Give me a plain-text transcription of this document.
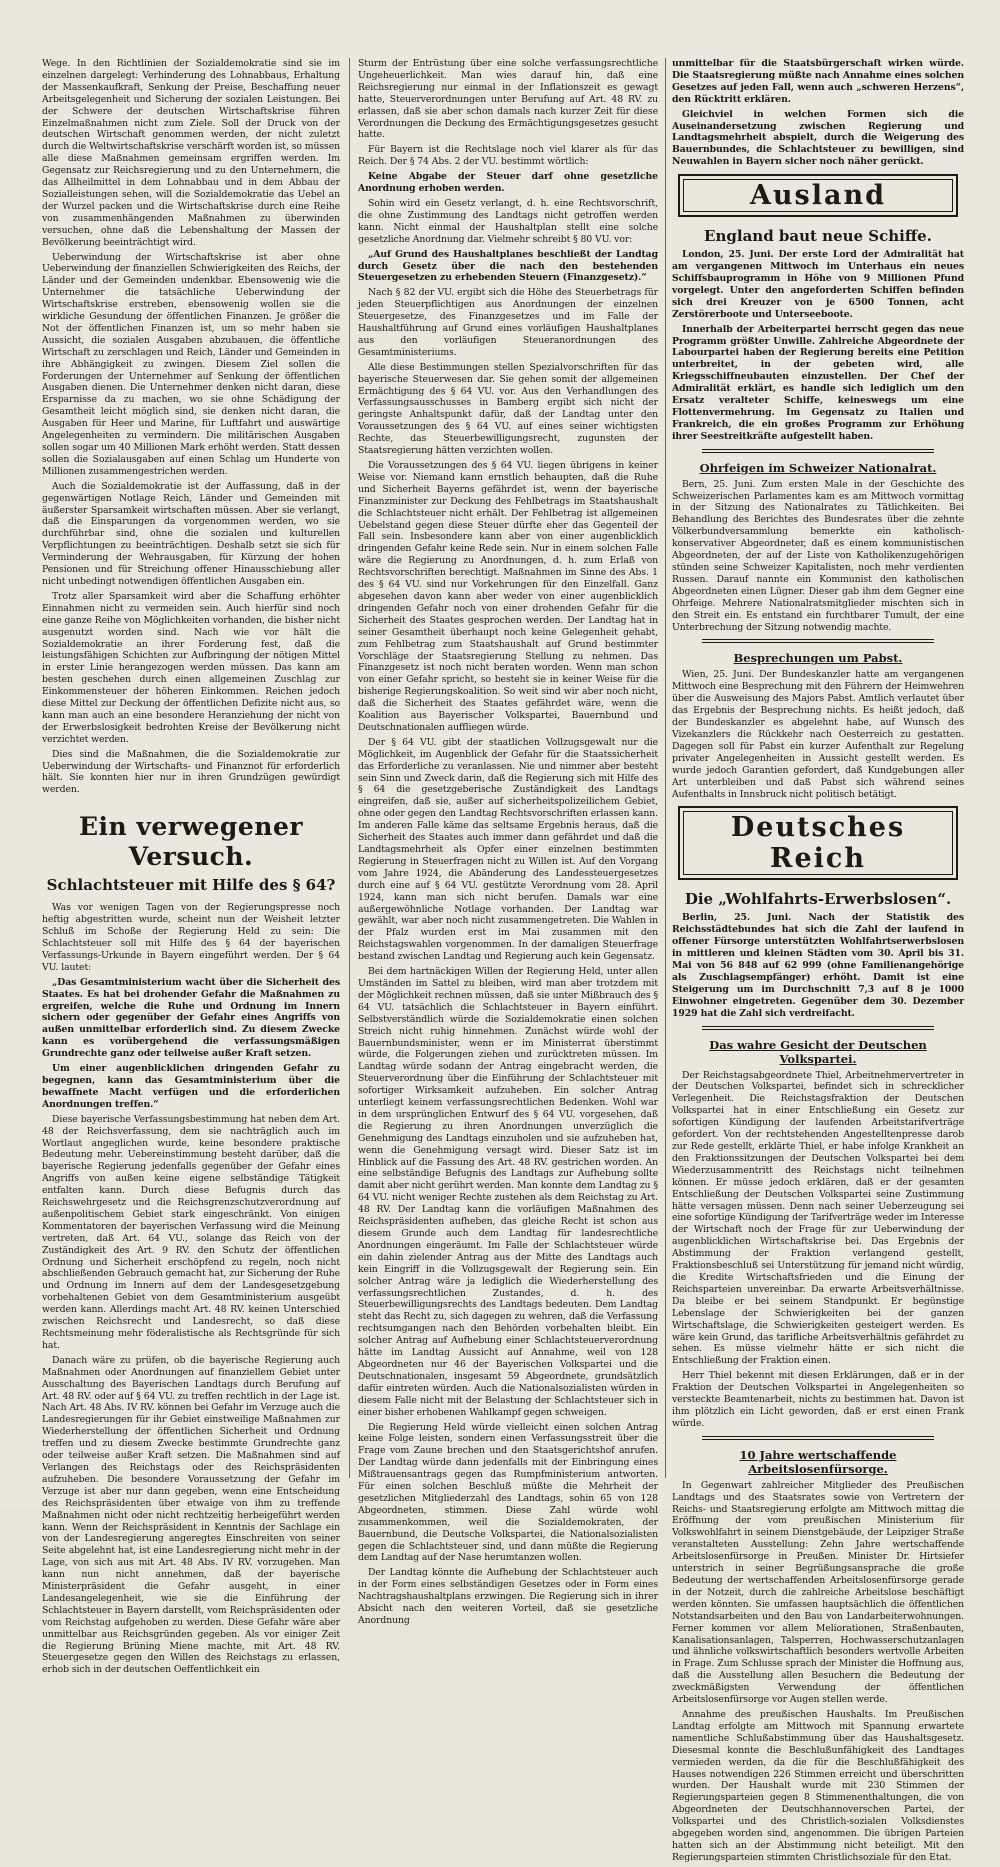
Wege. In den Richtlinien der Sozialdemokratie sind sie im einzelnen dargelegt: Verhinderung des Lohnabbaus, Erhaltung der Massenkaufkraft, Senkung der Preise, Beschaffung neuer Arbeitsgelegenheit und Sicherung der sozialen Leistungen. Bei der Schwere der deutschen Wirtschaftskrise führen Einzelmaßnahmen nicht zum Ziele. Soll der Druck von der deutschen Wirtschaft genommen werden, der nicht zuletzt durch die Weltwirtschaftskrise verschärft worden ist, so müssen alle diese Maßnahmen gemeinsam ergriffen werden. Im Gegensatz zur Reichsregierung und zu den Unternehmern, die das Allheilmittel in dem Lohnabbau und in dem Abbau der Sozialleistungen sehen, will die Sozialdemokratie das Uebel an der Wurzel packen und die Wirtschaftskrise durch eine Reihe von zusammenhängenden Maßnahmen zu überwinden versuchen, ohne daß die Lebenshaltung der Massen der Bevölkerung beeinträchtigt wird.

Ueberwindung der Wirtschaftskrise ist aber ohne Ueberwindung der finanziellen Schwierigkeiten des Reichs, der Länder und der Gemeinden undenkbar. Ebensowenig wie die Unternehmer die tatsächliche Ueberwindung der Wirtschaftskrise erstreben, ebensowenig wollen sie die wirkliche Gesundung der öffentlichen Finanzen. Je größer die Not der öffentlichen Finanzen ist, um so mehr haben sie Aussicht, die sozialen Ausgaben abzubauen, die öffentliche Wirtschaft zu zerschlagen und Reich, Länder und Gemeinden in ihre Abhängigkeit zu zwingen. Diesem Ziel sollen die Forderungen der Unternehmer auf Senkung der öffentlichen Ausgaben dienen. Die Unternehmer denken nicht daran, diese Ersparnisse da zu machen, wo sie ohne Schädigung der Gesamtheit leicht möglich sind, sie denken nicht daran, die Ausgaben für Heer und Marine, für Luftfahrt und auswärtige Angelegenheiten zu vermindern. Die militärischen Ausgaben sollen sogar um 40 Millionen Mark erhöht werden. Statt dessen sollen die Sozialausgaben auf einen Schlag um Hunderte von Millionen zusammengestrichen werden.

Auch die Sozialdemokratie ist der Auffassung, daß in der gegenwärtigen Notlage Reich, Länder und Gemeinden mit äußerster Sparsamkeit wirtschaften müssen. Aber sie verlangt, daß die Einsparungen da vorgenommen werden, wo sie durchführbar sind, ohne die sozialen und kulturellen Verpflichtungen zu beeinträchtigen. Deshalb setzt sie sich für Verminderung der Wehrausgaben, für Kürzung der hohen Pensionen und für Streichung offener Hinausschiebung aller nicht unbedingt notwendigen öffentlichen Ausgaben ein.

Trotz aller Sparsamkeit wird aber die Schaffung erhöhter Einnahmen nicht zu vermeiden sein. Auch hierfür sind noch eine ganze Reihe von Möglichkeiten vorhanden, die bisher nicht ausgenutzt worden sind. Nach wie vor hält die Sozialdemokratie an ihrer Forderung fest, daß die leistungsfähigen Schichten zur Aufbringung der nötigen Mittel in erster Linie herangezogen werden müssen. Das kann am besten geschehen durch einen allgemeinen Zuschlag zur Einkommensteuer der höheren Einkommen. Reichen jedoch diese Mittel zur Deckung der öffentlichen Defizite nicht aus, so kann man auch an eine besondere Heranziehung der nicht von der Erwerbslosigkeit bedrohten Kreise der Bevölkerung nicht verzichtet werden.

Dies sind die Maßnahmen, die die Sozialdemokratie zur Ueberwindung der Wirtschafts- und Finanznot für erforderlich hält. Sie konnten hier nur in ihren Grundzügen gewürdigt werden.

Ein verwegener Versuch.
Schlachtsteuer mit Hilfe des § 64?

Was vor wenigen Tagen von der Regierungspresse noch heftig abgestritten wurde, scheint nun der Weisheit letzter Schluß im Schoße der Regierung Held zu sein: Die Schlachtsteuer soll mit Hilfe des § 64 der bayerischen Verfassungs-Urkunde in Bayern eingeführt werden. Der § 64 VU. lautet:

„Das Gesamtministerium wacht über die Sicherheit des Staates. Es hat bei drohender Gefahr die Maßnahmen zu ergreifen, welche die Ruhe und Ordnung im Innern sichern oder gegenüber der Gefahr eines Angriffs von außen unmittelbar erforderlich sind. Zu diesem Zwecke kann es vorübergehend die verfassungsmäßigen Grundrechte ganz oder teilweise außer Kraft setzen.

Um einer augenblicklichen dringenden Gefahr zu begegnen, kann das Gesamtministerium über die bewaffnete Macht verfügen und die erforderlichen Anordnungen treffen.“

Diese bayerische Verfassungsbestimmung hat neben dem Art. 48 der Reichsverfassung, dem sie nachträglich auch im Wortlaut angeglichen wurde, keine besondere praktische Bedeutung mehr. Uebereinstimmung besteht darüber, daß die bayerische Regierung jedenfalls gegenüber der Gefahr eines Angriffs von außen keine eigene selbständige Tätigkeit entfalten kann. Durch diese Befugnis durch das Reichswehrgesetz und die Reichsgrenzschutzverordnung auf außenpolitischem Gebiet stark eingeschränkt. Von einigen Kommentatoren der bayerischen Verfassung wird die Meinung vertreten, daß Art. 64 VU., solange das Reich von der Zuständigkeit des Art. 9 RV. den Schutz der öffentlichen Ordnung und Sicherheit erschöpfend zu regeln, noch nicht abschließenden Gebrauch gemacht hat, zur Sicherung der Ruhe und Ordnung im Innern auf dem der Landesgesetzgebung vorbehaltenen Gebiet von dem Gesamtministerium ausgeübt werden kann. Allerdings macht Art. 48 RV. keinen Unterschied zwischen Reichsrecht und Landesrecht, so daß diese Rechtsmeinung mehr föderalistische als Rechtsgründe für sich hat.

Danach wäre zu prüfen, ob die bayerische Regierung auch Maßnahmen oder Anordnungen auf finanziellem Gebiet unter Ausschaltung des Bayerischen Landtags durch Berufung auf Art. 48 RV. oder auf § 64 VU. zu treffen rechtlich in der Lage ist. Nach Art. 48 Abs. IV RV. können bei Gefahr im Verzuge auch die Landesregierungen für ihr Gebiet einstweilige Maßnahmen zur Wiederherstellung der öffentlichen Sicherheit und Ordnung treffen und zu diesem Zwecke bestimmte Grundrechte ganz oder teilweise außer Kraft setzen. Die Maßnahmen sind auf Verlangen des Reichstags oder des Reichspräsidenten aufzuheben. Die besondere Voraussetzung der Gefahr im Verzuge ist aber nur dann gegeben, wenn eine Entscheidung des Reichspräsidenten über etwaige von ihm zu treffende Maßnahmen nicht oder nicht rechtzeitig herbeigeführt werden kann. Wenn der Reichspräsident in Kenntnis der Sachlage ein von der Landesregierung angeregtes Einschreiten von seiner Seite abgelehnt hat, ist eine Landesregierung nicht mehr in der Lage, von sich aus mit Art. 48 Abs. IV RV. vorzugehen. Man kann nun nicht annehmen, daß der bayerische Ministerpräsident die Gefahr ausgeht, in einer Landesangelegenheit, wie sie die Einführung der Schlachtsteuer in Bayern darstellt, vom Reichspräsidenten oder vom Reichstag aufgehoben zu werden. Diese Gefahr wäre aber unmittelbar aus Reichsgründen gegeben. Als vor einiger Zeit die Regierung Brüning Miene machte, mit Art. 48 RV. Steuergesetze gegen den Willen des Reichstags zu erlassen, erhob sich in der deutschen Oeffentlichkeit ein

Sturm der Entrüstung über eine solche verfassungsrechtliche Ungeheuerlichkeit. Man wies darauf hin, daß eine Reichsregierung nur einmal in der Inflationszeit es gewagt hatte, Steuerverordnungen unter Berufung auf Art. 48 RV. zu erlassen, daß sie aber schon damals nach kurzer Zeit für diese Verordnungen die Deckung des Ermächtigungsgesetzes gesucht hatte.

Für Bayern ist die Rechtslage noch viel klarer als für das Reich. Der § 74 Abs. 2 der VU. bestimmt wörtlich:

Keine Abgabe der Steuer darf ohne gesetzliche Anordnung erhoben werden.

Sohin wird ein Gesetz verlangt, d. h. eine Rechtsvorschrift, die ohne Zustimmung des Landtags nicht getroffen werden kann. Nicht einmal der Haushaltplan stellt eine solche gesetzliche Anordnung dar. Vielmehr schreibt § 80 VU. vor:

„Auf Grund des Haushaltplanes beschließt der Landtag durch Gesetz über die nach den bestehenden Steuergesetzen zu erhebenden Steuern (Finanzgesetz).“

Nach § 82 der VU. ergibt sich die Höhe des Steuerbetrags für jeden Steuerpflichtigen aus Anordnungen der einzelnen Steuergesetze, des Finanzgesetzes und im Falle der Haushaltführung auf Grund eines vorläufigen Haushaltplanes aus den vorläufigen Steueranordnungen des Gesamtministeriums.

Alle diese Bestimmungen stellen Spezialvorschriften für das bayerische Steuerwesen dar. Sie gehen somit der allgemeinen Ermächtigung des § 64 VU. vor. Aus den Verhandlungen des Verfassungsausschusses in Bamberg ergibt sich nicht der geringste Anhaltspunkt dafür, daß der Landtag unter den Voraussetzungen des § 64 VU. auf eines seiner wichtigsten Rechte, das Steuerbewilligungsrecht, zugunsten der Staatsregierung hätten verzichten wollen.

Die Voraussetzungen des § 64 VU. liegen übrigens in keiner Weise vor. Niemand kann ernstlich behaupten, daß die Ruhe und Sicherheit Bayerns gefährdet ist, wenn der bayerische Finanzminister zur Deckung des Fehlbetrags im Staatshaushalt die Schlachtsteuer nicht erhält. Der Fehlbetrag ist allgemeinen Uebelstand gegen diese Steuer dürfte eher das Gegenteil der Fall sein. Insbesondere kann aber von einer augenblicklich dringenden Gefahr keine Rede sein. Nur in einem solchen Falle wäre die Regierung zu Anordnungen, d. h. zum Erlaß von Rechtsvorschriften berechtigt. Maßnahmen im Sinne des Abs. 1 des § 64 VU. sind nur Vorkehrungen für den Einzelfall. Ganz abgesehen davon kann aber weder von einer augenblicklich dringenden Gefahr noch von einer drohenden Gefahr für die Sicherheit des Staates gesprochen werden. Der Landtag hat in seiner Gesamtheit überhaupt noch keine Gelegenheit gehabt, zum Fehlbetrag zum Staatshaushalt auf Grund bestimmter Vorschläge der Staatsregierung Stellung zu nehmen. Das Finanzgesetz ist noch nicht beraten worden. Wenn man schon von einer Gefahr spricht, so besteht sie in keiner Weise für die bisherige Regierungskoalition. So weit sind wir aber noch nicht, daß die Sicherheit des Staates gefährdet wäre, wenn die Koalition aus Bayerischer Volkspartei, Bauernbund und Deutschnationalen auffliegen würde.

Der § 64 VU. gibt der staatlichen Vollzugsgewalt nur die Möglichkeit, im Augenblick der Gefahr für die Staatssicherheit das Erforderliche zu veranlassen. Nie und nimmer aber besteht sein Sinn und Zweck darin, daß die Regierung sich mit Hilfe des § 64 die gesetzgeberische Zuständigkeit des Landtags eingreifen, daß sie, außer auf sicherheitspolizeilichem Gebiet, ohne oder gegen den Landtag Rechtsvorschriften erlassen kann. Im anderen Falle käme das seltsame Ergebnis heraus, daß die Sicherheit des Staates auch immer dann gefährdet und daß die Landtagsmehrheit als Opfer einer einzelnen bestimmten Regierung in Steuerfragen nicht zu Willen ist. Auf den Vorgang vom Jahre 1924, die Abänderung des Landessteuergesetzes durch eine auf § 64 VU. gestützte Verordnung vom 28. April 1924, kann man sich nicht berufen. Damals war eine außergewöhnliche Notlage vorhanden. Der Landtag war gewählt, war aber noch nicht zusammengetreten. Die Wahlen in der Pfalz wurden erst im Mai zusammen mit den Reichstagswahlen vorgenommen. In der damaligen Steuerfrage bestand zwischen Landtag und Regierung auch kein Gegensatz.

Bei dem hartnäckigen Willen der Regierung Held, unter allen Umständen im Sattel zu bleiben, wird man aber trotzdem mit der Möglichkeit rechnen müssen, daß sie unter Mißbrauch des § 64 VU. tatsächlich die Schlachtsteuer in Bayern einführt. Selbstverständlich würde die Sozialdemokratie einen solchen Streich nicht ruhig hinnehmen. Zunächst würde wohl der Bauernbundsminister, wenn er im Ministerrat überstimmt würde, die Folgerungen ziehen und zurücktreten müssen. Im Landtag würde sodann der Antrag eingebracht werden, die Steuerverordnung über die Einführung der Schlachtsteuer mit sofortiger Wirksamkeit aufzuheben. Ein solcher Antrag unterliegt keinem verfassungsrechtlichen Bedenken. Wohl war in dem ursprünglichen Entwurf des § 64 VU. vorgesehen, daß die Regierung zu ihren Anordnungen unverzüglich die Genehmigung des Landtags einzuholen und sie aufzuheben hat, wenn die Genehmigung versagt wird. Dieser Satz ist im Hinblick auf die Fassung des Art. 48 RV. gestrichen worden. An eine selbständige Befugnis des Landtags zur Aufhebung sollte damit aber nicht gerührt werden. Man konnte dem Landtag zu § 64 VU. nicht weniger Rechte zustehen als dem Reichstag zu Art. 48 RV. Der Landtag kann die vorläufigen Maßnahmen des Reichspräsidenten aufheben, das gleiche Recht ist schon aus diesem Grunde auch dem Landtag für landesrechtliche Anordnungen eingeräumt. Im Falle der Schlachtsteuer würde ein dahin zielender Antrag aus der Mitte des Landtags auch kein Eingriff in die Vollzugsgewalt der Regierung sein. Ein solcher Antrag wäre ja lediglich die Wiederherstellung des verfassungsrechtlichen Zustandes, d. h. des Steuerbewilligungsrechts des Landtags bedeuten. Dem Landtag steht das Recht zu, sich dagegen zu wehren, daß die Verfassung rechtsumgangen nach den Behörden vorbehalten bleibt. Ein solcher Antrag auf Aufhebung einer Schlachtsteuerverordnung hätte im Landtag Aussicht auf Annahme, weil von 128 Abgeordneten nur 46 der Bayerischen Volkspartei und die Deutschnationalen, insgesamt 59 Abgeordnete, grundsätzlich dafür eintreten würden. Auch die Nationalsozialisten würden in diesem Falle nicht mit der Belastung der Schlachtsteuer sich in einer bisher erhobenen Wahlkampf gegen schweigen.

Die Regierung Held würde vielleicht einen solchen Antrag keine Folge leisten, sondern einen Verfassungsstreit über die Frage vom Zaune brechen und den Staatsgerichtshof anrufen. Der Landtag würde dann jedenfalls mit der Einbringung eines Mißtrauensantrags gegen das Rumpfministerium antworten. Für einen solchen Beschluß müßte die Mehrheit der gesetzlichen Mitgliederzahl des Landtags, sohin 65 von 128 Abgeordneten, stimmen. Diese Zahl würde wohl zusammenkommen, weil die Sozialdemokraten, der Bauernbund, die Deutsche Volkspartei, die Nationalsozialisten gegen die Schlachtsteuer sind, und dann müßte die Regierung dem Landtag auf der Nase herumtanzen wollen.

Der Landtag könnte die Aufhebung der Schlachtsteuer auch in der Form eines selbständigen Gesetzes oder in Form eines Nachtragshaushaltplans erzwingen. Die Regierung sich in ihrer Absicht nach den weiteren Vorteil, daß sie gesetzliche Anordnung

unmittelbar für die Staatsbürgerschaft wirken würde. Die Staatsregierung müßte nach Annahme eines solchen Gesetzes auf jeden Fall, wenn auch „schweren Herzens“, den Rücktritt erklären.

Gleichviel in welchen Formen sich die Auseinandersetzung zwischen Regierung und Landtagsmehrheit abspielt, durch die Weigerung des Bauernbundes, die Schlachtsteuer zu bewilligen, sind Neuwahlen in Bayern sicher noch näher gerückt.

Ausland
England baut neue Schiffe.

London, 25. Juni. Der erste Lord der Admiralität hat am vergangenen Mittwoch im Unterhaus ein neues Schiffsbauprogramm in Höhe von 9 Millionen Pfund vorgelegt. Unter den angeforderten Schiffen befinden sich drei Kreuzer von je 6500 Tonnen, acht Zerstörerboote und Unterseeboote.

Innerhalb der Arbeiterpartei herrscht gegen das neue Programm größter Unwille. Zahlreiche Abgeordnete der Labourpartei haben der Regierung bereits eine Petition unterbreitet, in der gebeten wird, alle Kriegsschiffneubauten einzustellen. Der Chef der Admiralität erklärt, es handle sich lediglich um den Ersatz veralteter Schiffe, keineswegs um eine Flottenvermehrung. Im Gegensatz zu Italien und Frankreich, die ein großes Programm zur Erhöhung ihrer Seestreitkräfte aufgestellt haben.

Ohrfeigen im Schweizer Nationalrat.

Bern, 25. Juni. Zum ersten Male in der Geschichte des Schweizerischen Parlamentes kam es am Mittwoch vormittag in der Sitzung des Nationalrates zu Tätlichkeiten. Bei Behandlung des Berichtes des Bundesrates über die zehnte Völkerbundversammlung bemerkte ein katholisch-konservativer Abgeordneter, daß es einem kommunistischen Abgeordneten, der auf der Liste von Katholikenzugehörigen stünden seine Schweizer Kapitalisten, noch mehr verdienten Russen. Darauf nannte ein Kommunist den katholischen Abgeordneten einen Lügner. Dieser gab ihm dem Gegner eine Ohrfeige. Mehrere Nationalratsmitglieder mischten sich in den Streit ein. Es entstand ein furchtbarer Tumult, der eine Unterbrechung der Sitzung notwendig machte.

Besprechungen um Pabst.

Wien, 25. Juni. Der Bundeskanzler hatte am vergangenen Mittwoch eine Besprechung mit den Führern der Heimwehren über die Ausweisung des Majors Pabst. Amtlich verlautet über das Ergebnis der Besprechung nichts. Es heißt jedoch, daß der Bundeskanzler es abgelehnt habe, auf Wunsch des Vizekanzlers die Rückkehr nach Oesterreich zu gestatten. Dagegen soll für Pabst ein kurzer Aufenthalt zur Regelung privater Angelegenheiten in Aussicht gestellt werden. Es wurde jedoch Garantien gefordert, daß Kundgebungen aller Art unterbleiben und daß Pabst sich während seines Aufenthalts in Innsbruck nicht politisch betätigt.

Deutsches Reich
Die „Wohlfahrts-Erwerbslosen“.

Berlin, 25. Juni. Nach der Statistik des Reichsstädtebundes hat sich die Zahl der laufend in offener Fürsorge unterstützten Wohlfahrtserwerbslosen in mittleren und kleinen Städten vom 30. April bis 31. Mai von 56 848 auf 62 999 (ohne Familienangehörige als Zuschlagsempfänger) erhöht. Damit ist eine Steigerung um im Durchschnitt 7,3 auf 8 je 1000 Einwohner eingetreten. Gegenüber dem 30. Dezember 1929 hat die Zahl sich verdreifacht.

Das wahre Gesicht der Deutschen Volkspartei.

Der Reichstagsabgeordnete Thiel, Arbeitnehmervertreter in der Deutschen Volkspartei, befindet sich in schrecklicher Verlegenheit. Die Reichstagsfraktion der Deutschen Volkspartei hat in einer Entschließung ein Gesetz zur sofortigen Kündigung der laufenden Arbeitstarifverträge gefordert. Von der rechtstehenden Angestelltenpresse darob zur Rede gestellt, erklärte Thiel, er habe infolge Krankheit an den Fraktionssitzungen der Deutschen Volkspartei bei dem Wiederzusammentritt des Reichstags nicht teilnehmen können. Er müsse jedoch erklären, daß er der gesamten Entschließung der Deutschen Volkspartei seine Zustimmung hätte versagen müssen. Denn nach seiner Ueberzeugung sei eine sofortige Kündigung der Tarifverträge weder im Interesse der Wirtschaft noch der Frage für zur Ueberwindung der augenblicklichen Wirtschaftskrise bei. Das Ergebnis der Abstimmung der Fraktion verlangend gestellt, Fraktionsbeschluß sei Unterstützung für jemand nicht würdig, die Kredite Wirtschaftsfrieden und die Einung der Reichsparteien unvereinbar. Da erwarte Arbeitsverhältnisse. Da bleibe er bei seinem Standpunkt. Er begünstige Lebenslage der Schwierigkeiten bei der ganzen Wirtschaftslage, die Schwierigkeiten gesteigert werden. Es wäre kein Grund, das tarifliche Arbeitsverhältnis gefährdet zu sehen. Es müsse vielmehr hätte er sich nicht die Entschließung der Fraktion einen.

Herr Thiel bekennt mit diesen Erklärungen, daß er in der Fraktion der Deutschen Volkspartei in Angelegenheiten so versteckte Beamtenarbeit, nichts zu bestimmen hat. Davon ist ihm plötzlich ein Licht geworden, daß er erst einen Frank würde.

10 Jahre wertschaffende Arbeitslosenfürsorge.

In Gegenwart zahlreicher Mitglieder des Preußischen Landtags und des Staatsrates sowie von Vertretern der Reichs- und Staatsregierung erfolgte am Mittwoch mittag die Eröffnung der vom preußischen Ministerium für Volkswohlfahrt in seinem Dienstgebäude, der Leipziger Straße veranstalteten Ausstellung: Zehn Jahre wertschaffende Arbeitslosenfürsorge in Preußen. Minister Dr. Hirtsiefer unterstrich in seiner Begrüßungsansprache die große Bedeutung der wertschaffenden Arbeitslosenfürsorge gerade in der Notzeit, durch die zahlreiche Arbeitslose beschäftigt werden könnten. Sie umfassen hauptsächlich die öffentlichen Notstandsarbeiten und den Bau von Landarbeiterwohnungen. Ferner kommen vor allem Meliorationen, Straßenbauten, Kanalisationsanlagen, Talsperren, Hochwasserschutzanlagen und ähnliche volkswirtschaftlich besonders wertvolle Arbeiten in Frage. Zum Schlusse sprach der Minister die Hoffnung aus, daß die Ausstellung allen Besuchern die Bedeutung der zweckmäßigsten Verwendung der öffentlichen Arbeitslosenfürsorge vor Augen stellen werde.

Annahme des preußischen Haushalts. Im Preußischen Landtag erfolgte am Mittwoch mit Spannung erwartete namentliche Schlußabstimmung über das Haushaltsgesetz. Diesesmal konnte die Beschlußunfähigkeit des Landtages vermieden werden, da die für die Beschlußfähigkeit des Hauses notwendigen 226 Stimmen erreicht und überschritten wurden. Der Haushalt wurde mit 230 Stimmen der Regierungsparteien gegen 8 Stimmenenthaltungen, die von Abgeordneten der Deutschhannoverschen Partei, der Volkspartei und des Christlich-sozialen Volksdienstes abgegeben worden sind, angenommen. Die übrigen Parteien hatten sich an der Abstimmung nicht beteiligt. Mit den Regierungsparteien stimmten Christlichsoziale für den Etat.
